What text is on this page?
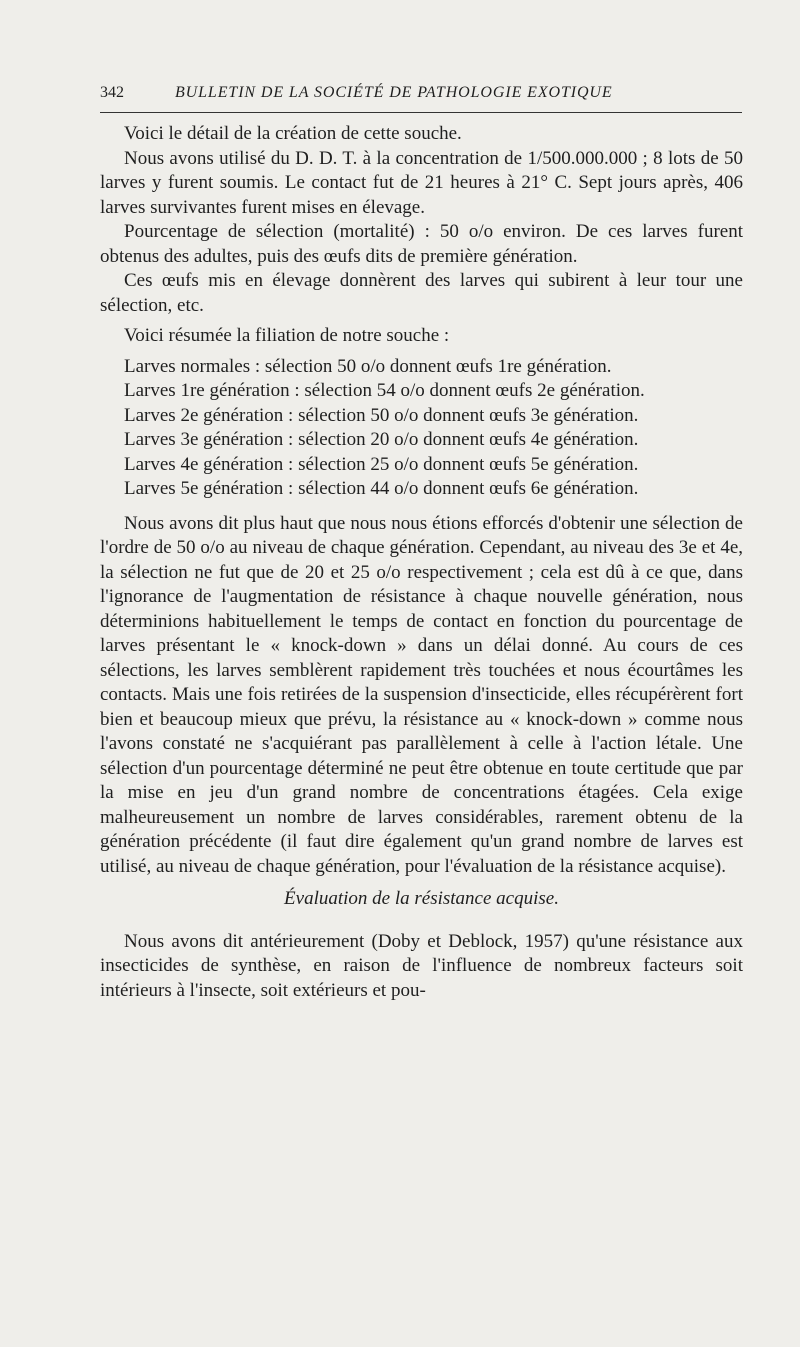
342	BULLETIN DE LA SOCIÉTÉ DE PATHOLOGIE EXOTIQUE

Voici le détail de la création de cette souche.

Nous avons utilisé du D. D. T. à la concentration de 1/500.000.000 ; 8 lots de 50 larves y furent soumis. Le contact fut de 21 heures à 21° C. Sept jours après, 406 larves survivantes furent mises en élevage.

Pourcentage de sélection (mortalité) : 50 o/o environ. De ces larves furent obtenus des adultes, puis des œufs dits de première génération.

Ces œufs mis en élevage donnèrent des larves qui subirent à leur tour une sélection, etc.

Voici résumée la filiation de notre souche :

Larves normales : sélection 50 o/o donnent œufs 1re génération.

Larves 1re génération : sélection 54 o/o donnent œufs 2e génération.

Larves 2e génération : sélection 50 o/o donnent œufs 3e génération.

Larves 3e génération : sélection 20 o/o donnent œufs 4e génération.

Larves 4e génération : sélection 25 o/o donnent œufs 5e génération.

Larves 5e génération : sélection 44 o/o donnent œufs 6e génération.

Nous avons dit plus haut que nous nous étions efforcés d'obtenir une sélection de l'ordre de 50 o/o au niveau de chaque génération. Cependant, au niveau des 3e et 4e, la sélection ne fut que de 20 et 25 o/o respectivement ; cela est dû à ce que, dans l'ignorance de l'augmentation de résistance à chaque nouvelle génération, nous déterminions habituellement le temps de contact en fonction du pourcentage de larves présentant le « knock-down » dans un délai donné. Au cours de ces sélections, les larves semblèrent rapidement très touchées et nous écourtâmes les contacts. Mais une fois retirées de la suspension d'insecticide, elles récupérèrent fort bien et beaucoup mieux que prévu, la résistance au « knock-down » comme nous l'avons constaté ne s'acquiérant pas parallèlement à celle à l'action létale. Une sélection d'un pourcentage déterminé ne peut être obtenue en toute certitude que par la mise en jeu d'un grand nombre de concentrations étagées. Cela exige malheureusement un nombre de larves considérables, rarement obtenu de la génération précédente (il faut dire également qu'un grand nombre de larves est utilisé, au niveau de chaque génération, pour l'évaluation de la résistance acquise).

Évaluation de la résistance acquise.

Nous avons dit antérieurement (Doby et Deblock, 1957) qu'une résistance aux insecticides de synthèse, en raison de l'influence de nombreux facteurs soit intérieurs à l'insecte, soit extérieurs et pou-
